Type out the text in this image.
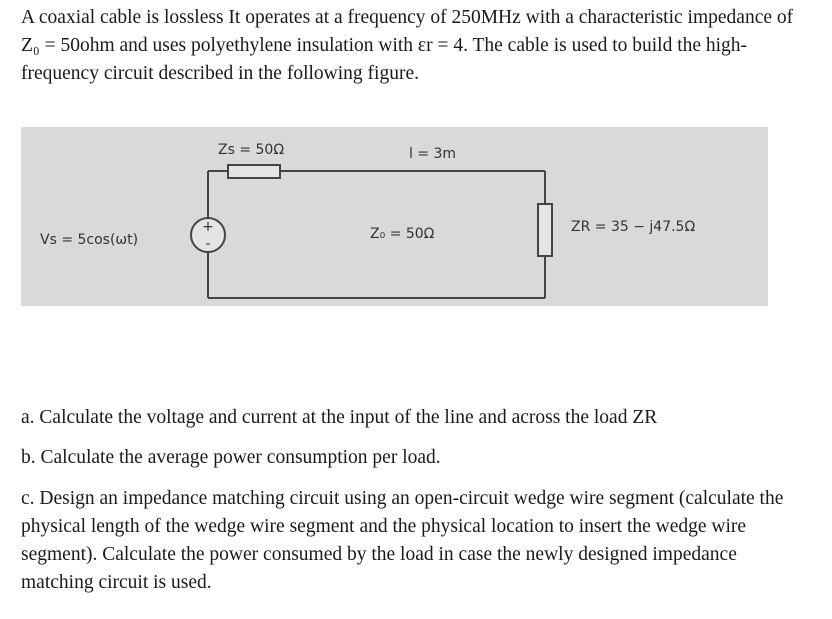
A coaxial cable is lossless It operates at a frequency of 250MHz with a characteristic impedance of Z₀ = 50ohm and uses polyethylene insulation with εr = 4. The cable is used to build the high-frequency circuit described in the following figure.

+
-
Zs = 50Ω	l = 3m
Vs = 5cos(ωt)	Z₀ = 50Ω	ZR = 35 − j47.5Ω

a. Calculate the voltage and current at the input of the line and across the load ZR

b. Calculate the average power consumption per load.

c. Design an impedance matching circuit using an open-circuit wedge wire segment (calculate the physical length of the wedge wire segment and the physical location to insert the wedge wire segment). Calculate the power consumed by the load in case the newly designed impedance matching circuit is used.
